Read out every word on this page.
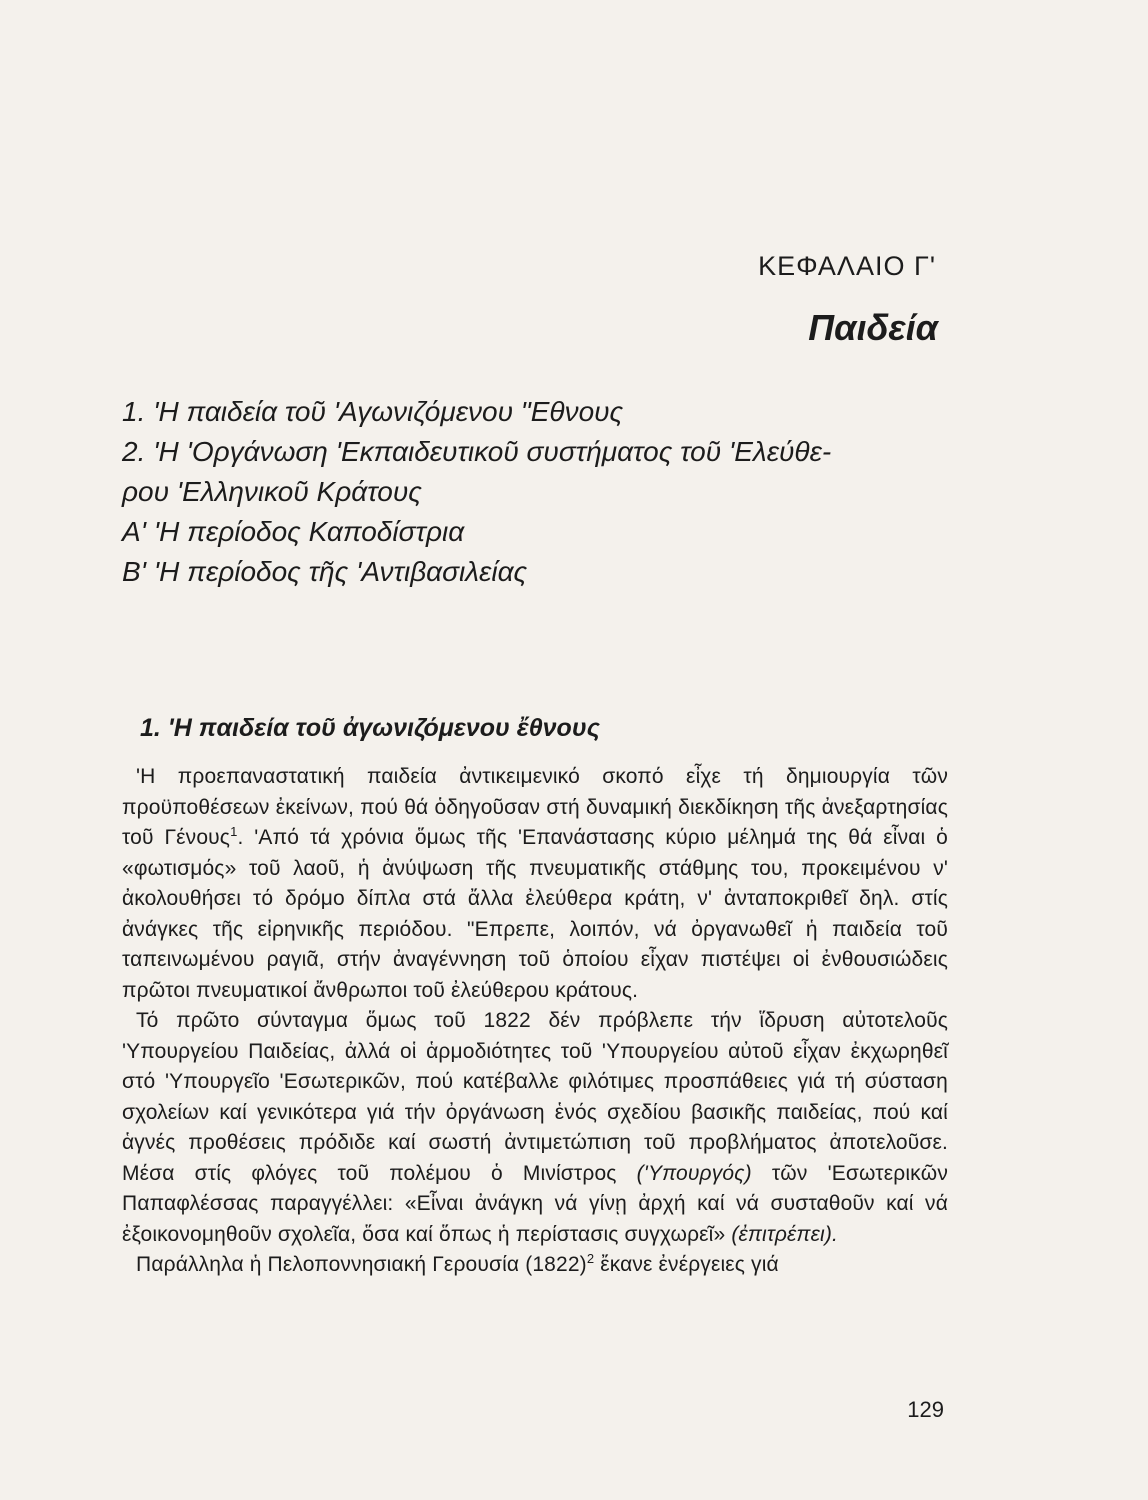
ΚΕΦΑΛΑΙΟ Γ'
Παιδεία
1. 'Η παιδεία τοῦ 'Αγωνιζόμενου "Εθνους
2. 'Η 'Οργάνωση 'Εκπαιδευτικοῦ συστήματος τοῦ 'Ελεύθε-
ρου 'Ελληνικοῦ Κράτους
Α' 'Η περίοδος Καποδίστρια
Β' 'Η περίοδος τῆς 'Αντιβασιλείας
1. 'Η παιδεία τοῦ ἀγωνιζόμενου ἔθνους

'Η προεπαναστατική παιδεία ἀντικειμενικό σκοπό εἶχε τή δημιουργία τῶν προϋποθέσεων ἐκείνων, πού θά ὁδηγοῦσαν στή δυναμική διεκδίκηση τῆς ἀνεξαρτησίας τοῦ Γένους$^1$. 'Από τά χρόνια ὅμως τῆς 'Επανάστασης κύριο μέλημά της θά εἶναι ὁ «φωτισμός» τοῦ λαοῦ, ἡ ἀνύψωση τῆς πνευματικῆς στάθμης του, προκειμένου ν' ἀκολουθήσει τό δρόμο δίπλα στά ἄλλα ἐλεύθερα κράτη, ν' ἀνταποκριθεῖ δηλ. στίς ἀνάγκες τῆς εἰρηνικῆς περιόδου. "Επρεπε, λοιπόν, νά ὀργανωθεῖ ἡ παιδεία τοῦ ταπεινωμένου ραγιᾶ, στήν ἀναγέννηση τοῦ ὁποίου εἶχαν πιστέψει οἱ ἐνθουσιώδεις πρῶτοι πνευματικοί ἄνθρωποι τοῦ ἐλεύθερου κράτους.

Τό πρῶτο σύνταγμα ὅμως τοῦ 1822 δέν πρόβλεπε τήν ἵδρυση αὐτοτελοῦς 'Υπουργείου Παιδείας, ἀλλά οἱ ἁρμοδιότητες τοῦ 'Υπουργείου αὐτοῦ εἶχαν ἐκχωρηθεῖ στό 'Υπουργεῖο 'Εσωτερικῶν, πού κατέβαλλε φιλότιμες προσπάθειες γιά τή σύσταση σχολείων καί γενικότερα γιά τήν ὀργάνωση ἑνός σχεδίου βασικῆς παιδείας, πού καί ἁγνές προθέσεις πρόδιδε καί σωστή ἀντιμετώπιση τοῦ προβλήματος ἀποτελοῦσε. Μέσα στίς φλόγες τοῦ πολέμου ὁ Μινίστρος ('Υπουργός) τῶν 'Εσωτερικῶν Παπαφλέσσας παραγγέλλει: «Εἶναι ἀνάγκη νά γίνῃ ἀρχή καί νά συσταθοῦν καί νά ἐξοικονομηθοῦν σχολεῖα, ὅσα καί ὅπως ἡ περίστασις συγχωρεῖ» (ἐπιτρέπει).

Παράλληλα ἡ Πελοποννησιακή Γερουσία $(1822)^2$ ἔκανε ἐνέργειες γιά

129
